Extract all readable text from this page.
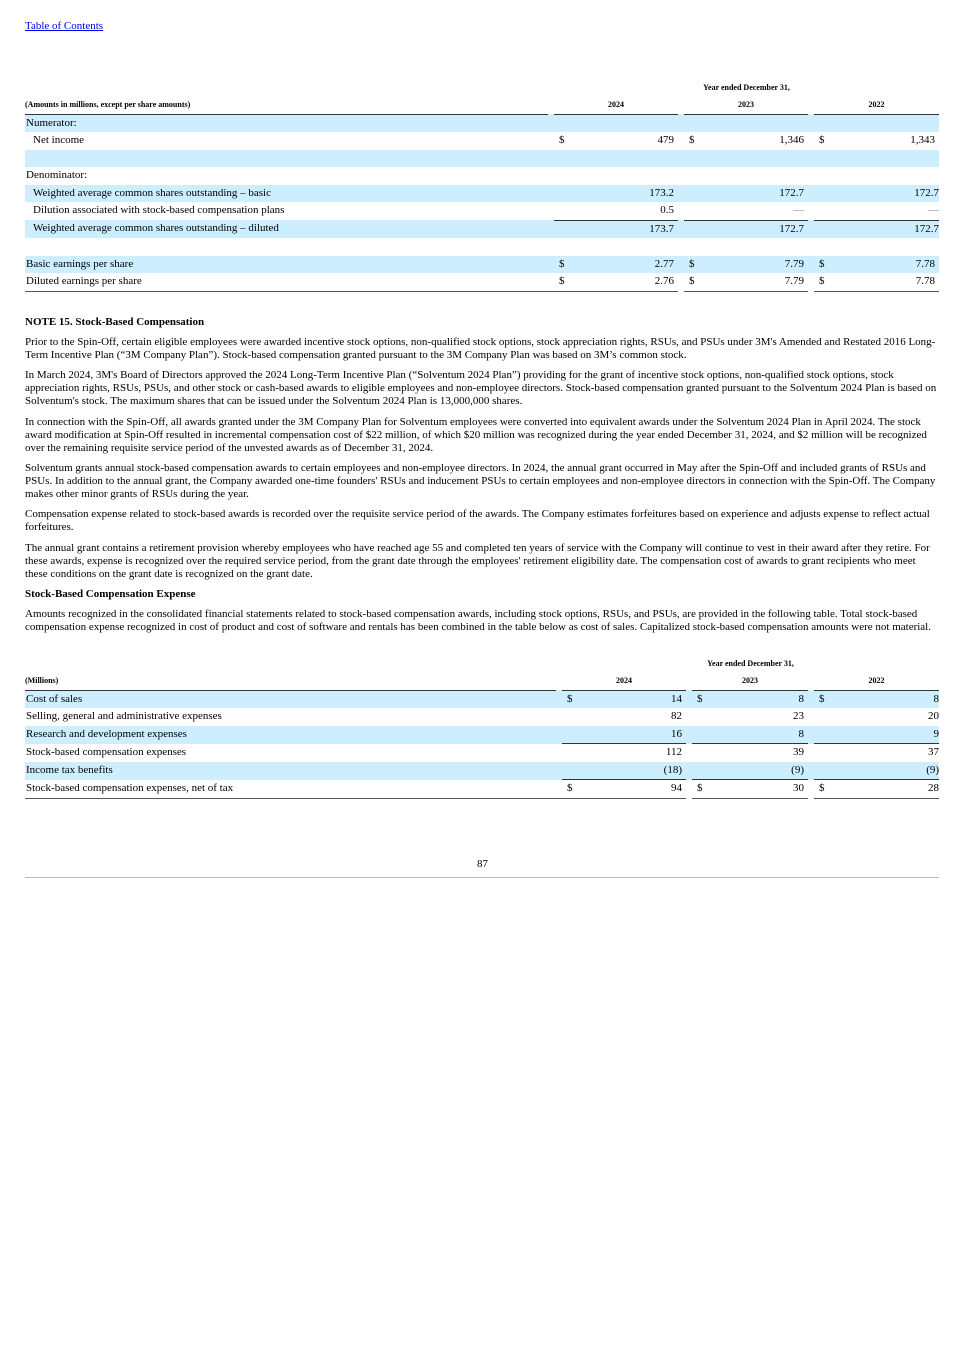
Table of Contents
		Year ended December 31,							
(Amounts in millions, except per share amounts)		2024			2023			2022	
Numerator:									
Net income		$	479		$	1,346		$	1,343

Denominator:									
Weighted average common shares outstanding – basic			173.2			172.7			172.7
Dilution associated with stock-based compensation plans			0.5			—			—
Weighted average common shares outstanding – diluted			173.7			172.7			172.7

Basic earnings per share		$	2.77		$	7.79		$	7.78
Diluted earnings per share		$	2.76		$	7.79		$	7.78

NOTE 15. Stock-Based Compensation

Prior to the Spin-Off, certain eligible employees were awarded incentive stock options, non-qualified stock options, stock appreciation rights, RSUs, and PSUs under 3M's Amended and Restated 2016 Long-Term Incentive Plan (“3M Company Plan”). Stock-based compensation granted pursuant to the 3M Company Plan was based on 3M’s common stock.

In March 2024, 3M's Board of Directors approved the 2024 Long-Term Incentive Plan (“Solventum 2024 Plan”) providing for the grant of incentive stock options, non-qualified stock options, stock appreciation rights, RSUs, PSUs, and other stock or cash-based awards to eligible employees and non-employee directors. Stock-based compensation granted pursuant to the Solventum 2024 Plan is based on Solventum's stock. The maximum shares that can be issued under the Solventum 2024 Plan is 13,000,000 shares.

In connection with the Spin-Off, all awards granted under the 3M Company Plan for Solventum employees were converted into equivalent awards under the Solventum 2024 Plan in April 2024. The stock award modification at Spin-Off resulted in incremental compensation cost of $22 million, of which $20 million was recognized during the year ended December 31, 2024, and $2 million will be recognized over the remaining requisite service period of the unvested awards as of December 31, 2024.

Solventum grants annual stock-based compensation awards to certain employees and non-employee directors. In 2024, the annual grant occurred in May after the Spin-Off and included grants of RSUs and PSUs. In addition to the annual grant, the Company awarded one-time founders' RSUs and inducement PSUs to certain employees and non-employee directors in connection with the Spin-Off. The Company makes other minor grants of RSUs during the year.

Compensation expense related to stock-based awards is recorded over the requisite service period of the awards. The Company estimates forfeitures based on experience and adjusts expense to reflect actual forfeitures.

The annual grant contains a retirement provision whereby employees who have reached age 55 and completed ten years of service with the Company will continue to vest in their award after they retire. For these awards, expense is recognized over the required service period, from the grant date through the employees' retirement eligibility date. The compensation cost of awards to grant recipients who meet these conditions on the grant date is recognized on the grant date.

Stock-Based Compensation Expense

Amounts recognized in the consolidated financial statements related to stock-based compensation awards, including stock options, RSUs, and PSUs, are provided in the following table. Total stock-based compensation expense recognized in cost of product and cost of software and rentals has been combined in the table below as cost of sales. Capitalized stock-based compensation amounts were not material.

		Year ended December 31,							
(Millions)		2024			2023			2022	
Cost of sales		$	14		$	8		$	8
Selling, general and administrative expenses			82			23			20
Research and development expenses			16			8			9
Stock-based compensation expenses			112			39			37
Income tax benefits			(18)			(9)			(9)
Stock-based compensation expenses, net of tax		$	94		$	30		$	28
87
